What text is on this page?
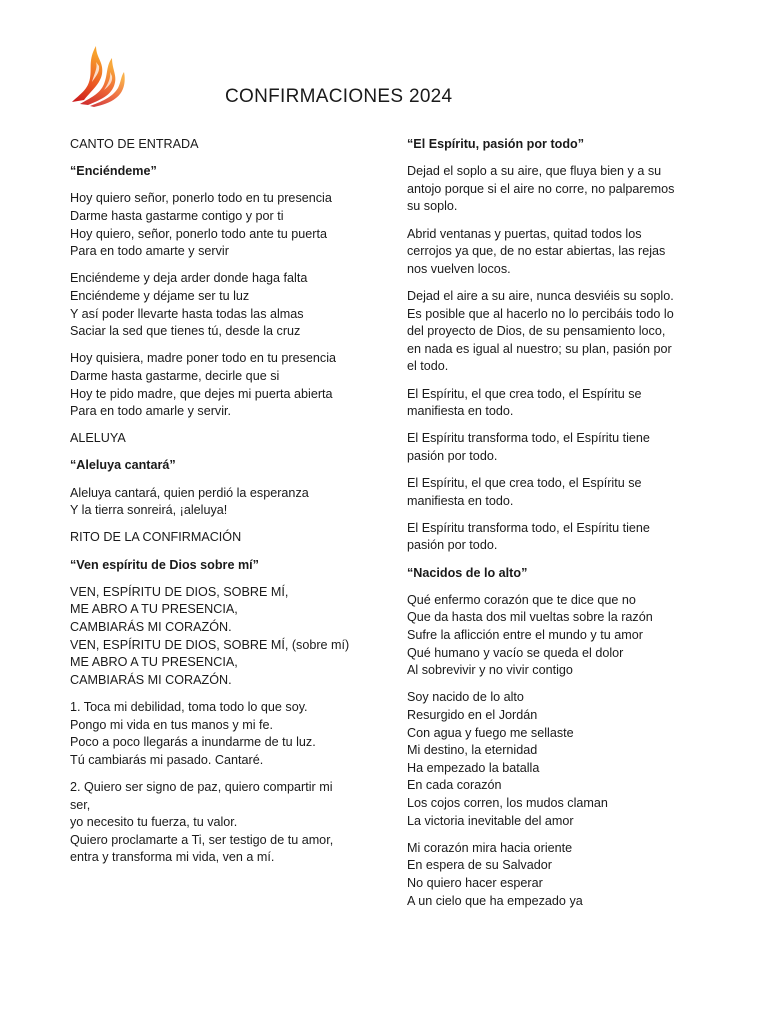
CONFIRMACIONES 2024
CANTO DE ENTRADA
“Enciéndeme”
Hoy quiero señor, ponerlo todo en tu presencia
Darme hasta gastarme contigo y por ti
Hoy quiero, señor, ponerlo todo ante tu puerta
Para en todo amarte y servir
Enciéndeme y deja arder donde haga falta
Enciéndeme y déjame ser tu luz
Y así poder llevarte hasta todas las almas
Saciar la sed que tienes tú, desde la cruz
Hoy quisiera, madre poner todo en tu presencia
Darme hasta gastarme, decirle que si
Hoy te pido madre, que dejes mi puerta abierta
Para en todo amarle y servir.
ALELUYA
“Aleluya cantará”
Aleluya cantará, quien perdió la esperanza
Y la tierra sonreirá, ¡aleluya!
RITO DE LA CONFIRMACIÓN
“Ven espíritu de Dios sobre mí”
VEN, ESPÍRITU DE DIOS, SOBRE MÍ,
ME ABRO A TU PRESENCIA,
CAMBIARÁS MI CORAZÓN.
VEN, ESPÍRITU DE DIOS, SOBRE MÍ, (sobre mí)
ME ABRO A TU PRESENCIA,
CAMBIARÁS MI CORAZÓN.
1. Toca mi debilidad, toma todo lo que soy.
Pongo mi vida en tus manos y mi fe.
Poco a poco llegarás a inundarme de tu luz.
Tú cambiarás mi pasado. Cantaré.
2. Quiero ser signo de paz, quiero compartir mi
ser,
yo necesito tu fuerza, tu valor.
Quiero proclamarte a Ti, ser testigo de tu amor,
entra y transforma mi vida, ven a mí.
“El Espíritu, pasión por todo”
Dejad el soplo a su aire, que fluya bien y a su
antojo porque si el aire no corre, no palparemos
su soplo.
Abrid ventanas y puertas, quitad todos los
cerrojos ya que, de no estar abiertas, las rejas
nos vuelven locos.
Dejad el aire a su aire, nunca desviéis su soplo.
Es posible que al hacerlo no lo percibáis todo lo
del proyecto de Dios, de su pensamiento loco,
en nada es igual al nuestro; su plan, pasión por
el todo.
El Espíritu, el que crea todo, el Espíritu se
manifiesta en todo.
El Espíritu transforma todo, el Espíritu tiene
pasión por todo.
El Espíritu, el que crea todo, el Espíritu se
manifiesta en todo.
El Espíritu transforma todo, el Espíritu tiene
pasión por todo.
“Nacidos de lo alto”
Qué enfermo corazón que te dice que no
Que da hasta dos mil vueltas sobre la razón
Sufre la aflicción entre el mundo y tu amor
Qué humano y vacío se queda el dolor
Al sobrevivir y no vivir contigo
Soy nacido de lo alto
Resurgido en el Jordán
Con agua y fuego me sellaste
Mi destino, la eternidad
Ha empezado la batalla
En cada corazón
Los cojos corren, los mudos claman
La victoria inevitable del amor
Mi corazón mira hacia oriente
En espera de su Salvador
No quiero hacer esperar
A un cielo que ha empezado ya
